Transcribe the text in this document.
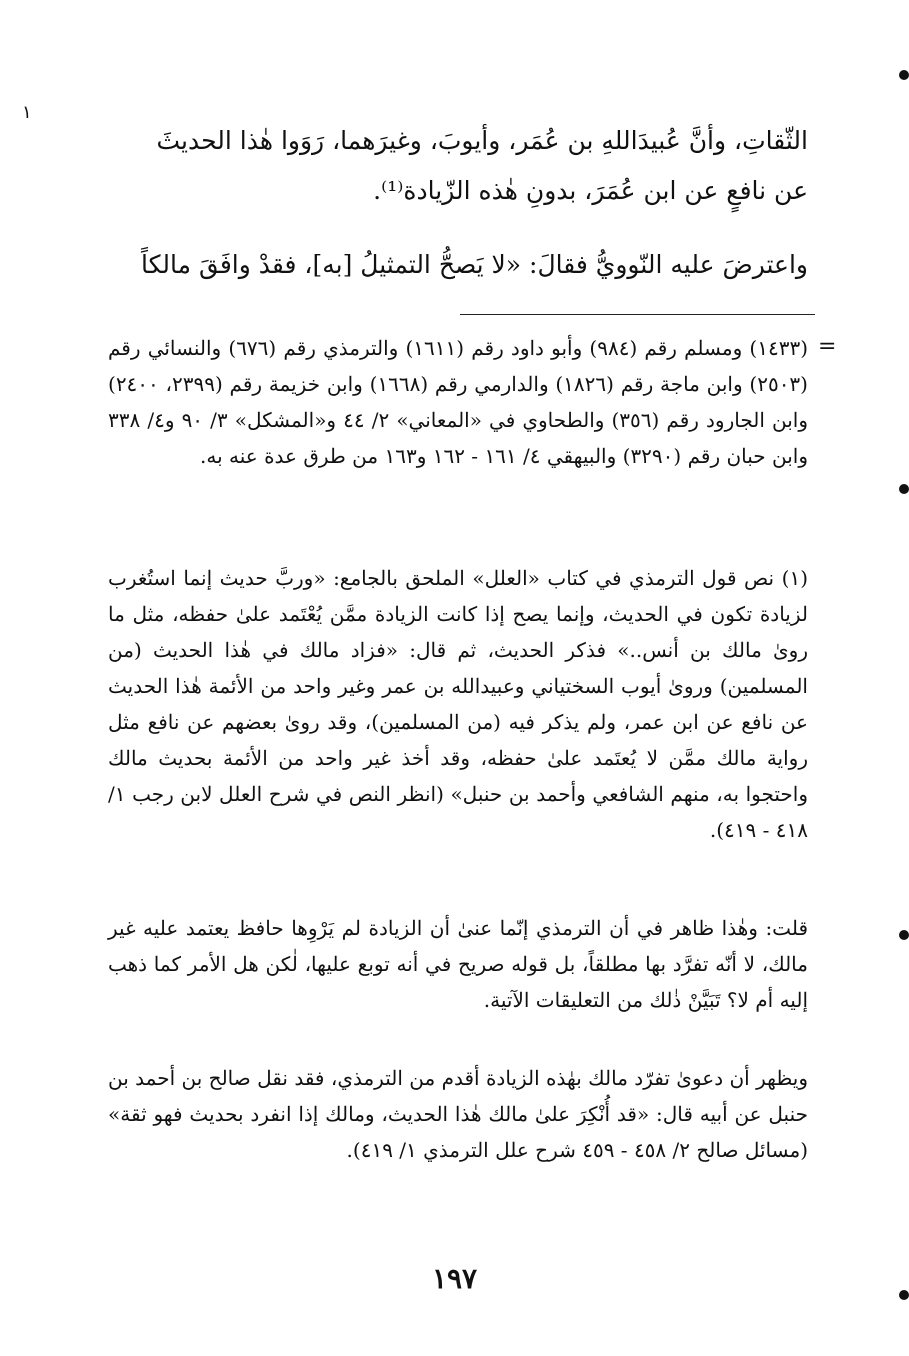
١
الثّقاتِ، وأنَّ عُبيدَاللهِ بن عُمَر، وأيوبَ، وغيرَهما، رَوَوا هٰذا الحديثَ
عن نافعٍ عن ابن عُمَرَ، بدونِ هٰذه الزّيادة⁽¹⁾.
واعترضَ عليه النّوويُّ فقالَ: «لا يَصحُّ التمثيلُ [به]، فقدْ وافَقَ مالكاً
=
(١٤٣٣) ومسلم رقم (٩٨٤) وأبو داود رقم (١٦١١) والترمذي رقم (٦٧٦) والنسائي رقم (٢٥٠٣) وابن ماجة رقم (١٨٢٦) والدارمي رقم (١٦٦٨) وابن خزيمة رقم (٢٣٩٩، ٢٤٠٠) وابن الجارود رقم (٣٥٦) والطحاوي في «المعاني» ٢/ ٤٤ و«المشكل» ٣/ ٩٠ و٤/ ٣٣٨ وابن حبان رقم (٣٢٩٠) والبيهقي ٤/ ١٦١ - ١٦٢ و١٦٣ من طرق عدة عنه به.
(١) نص قول الترمذي في كتاب «العلل» الملحق بالجامع: «وربَّ حديث إنما استُغرب لزيادة تكون في الحديث، وإنما يصح إذا كانت الزيادة ممَّن يُعْتَمد علىٰ حفظه، مثل ما روىٰ مالك بن أنس..» فذكر الحديث، ثم قال: «فزاد مالك في هٰذا الحديث (من المسلمين) وروىٰ أيوب السختياني وعبيدالله بن عمر وغير واحد من الأئمة هٰذا الحديث عن نافع عن ابن عمر، ولم يذكر فيه (من المسلمين)، وقد روىٰ بعضهم عن نافع مثل رواية مالك ممَّن لا يُعتَمد علىٰ حفظه، وقد أخذ غير واحد من الأئمة بحديث مالك واحتجوا به، منهم الشافعي وأحمد بن حنبل» (انظر النص في شرح العلل لابن رجب ١/ ٤١٨ - ٤١٩).
قلت: وهٰذا ظاهر في أن الترمذي إنّما عنىٰ أن الزيادة لم يَرْوِها حافظ يعتمد عليه غير مالك، لا أنّه تفرَّد بها مطلقاً، بل قوله صريح في أنه توبع عليها، لٰكن هل الأمر كما ذهب إليه أم لا؟ تَبَيَّنْ ذٰلك من التعليقات الآتية.
ويظهر أن دعوىٰ تفرّد مالك بهٰذه الزيادة أقدم من الترمذي، فقد نقل صالح بن أحمد بن حنبل عن أبيه قال: «قد أُنْكِرَ علىٰ مالك هٰذا الحديث، ومالك إذا انفرد بحديث فهو ثقة» (مسائل صالح ٢/ ٤٥٨ - ٤٥٩ شرح علل الترمذي ١/ ٤١٩).
١٩٧
